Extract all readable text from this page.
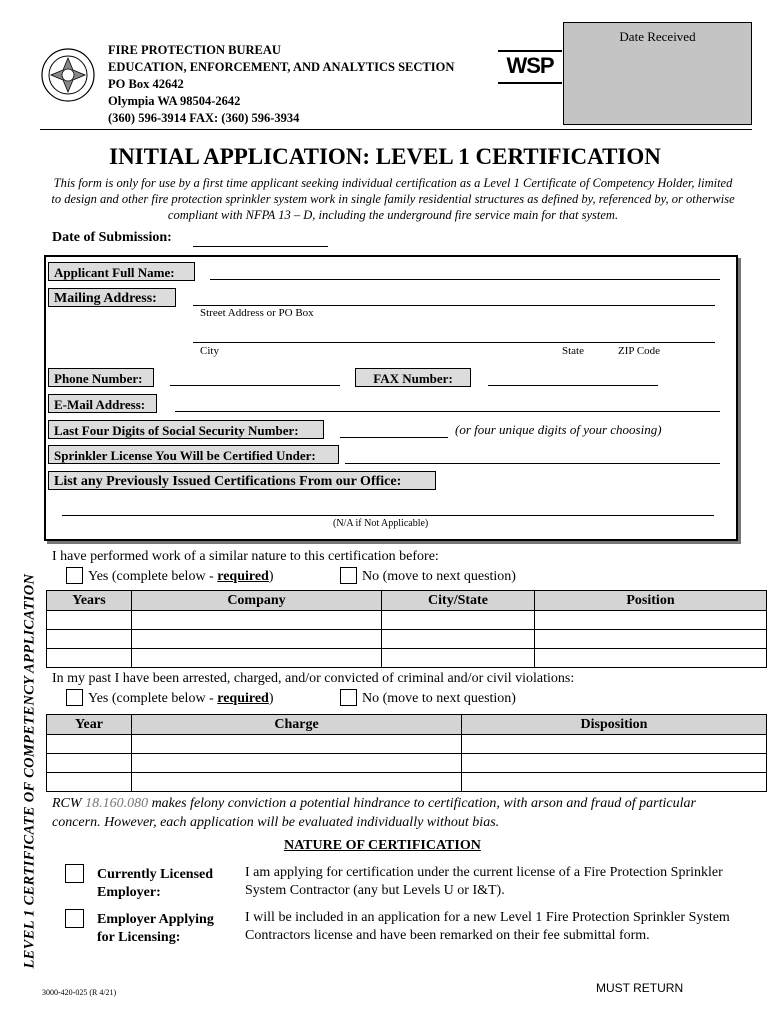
FIRE PROTECTION BUREAU
EDUCATION, ENFORCEMENT, AND ANALYTICS SECTION
PO Box 42642
Olympia WA 98504-2642
(360) 596-3914 FAX: (360) 596-3934
WSP
Date Received
INITIAL APPLICATION: LEVEL 1 CERTIFICATION
This form is only for use by a first time applicant seeking individual certification as a Level 1 Certificate of Competency Holder, limited to design and other fire protection sprinkler system work in single family residential structures as defined by, referenced by, or otherwise compliant with NFPA 13 – D, including the underground fire service main for that system.
Date of Submission:
Applicant Full Name:
Mailing Address:
Street Address or PO Box
City	State	ZIP Code
Phone Number:	FAX Number:
E-Mail Address:
Last Four Digits of Social Security Number:	(or four unique digits of your choosing)
Sprinkler License You Will be Certified Under:
List any Previously Issued Certifications From our Office:
(N/A if Not Applicable)
LEVEL 1 CERTIFICATE OF COMPETENCY APPLICATION
I have performed work of a similar nature to this certification before:
Yes (complete below - required)	No (move to next question)
Years	Company	City/State	Position

In my past I have been arrested, charged, and/or convicted of criminal and/or civil violations:
Yes (complete below - required)	No (move to next question)
Year	Charge	Disposition

RCW 18.160.080 makes felony conviction a potential hindrance to certification, with arson and fraud of particular concern. However, each application will be evaluated individually without bias.
NATURE OF CERTIFICATION
Currently Licensed Employer:
I am applying for certification under the current license of a Fire Protection Sprinkler System Contractor (any but Levels U or I&T).
Employer Applying for Licensing:
I will be included in an application for a new Level 1 Fire Protection Sprinkler System Contractors license and have been remarked on their fee submittal form.
3000-420-025 (R 4/21)	MUST RETURN
